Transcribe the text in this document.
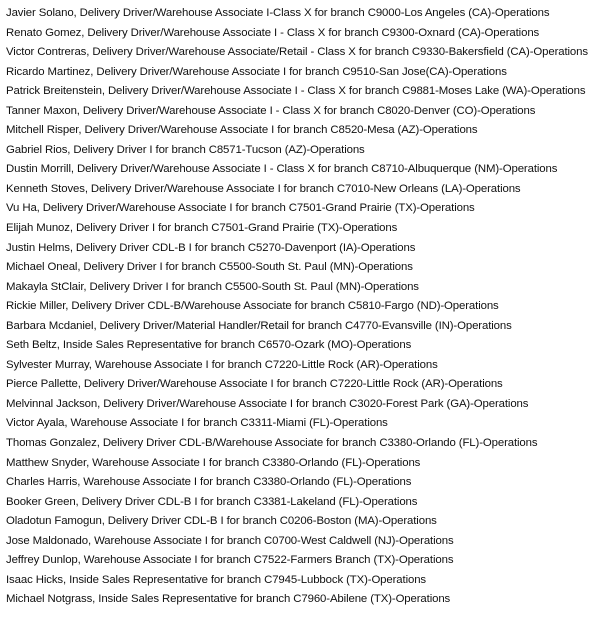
Javier Solano, Delivery Driver/Warehouse Associate I-Class X for branch C9000-Los Angeles (CA)-Operations
Renato Gomez, Delivery Driver/Warehouse Associate I - Class X for branch C9300-Oxnard (CA)-Operations
Victor Contreras, Delivery Driver/Warehouse Associate/Retail - Class X for branch C9330-Bakersfield (CA)-Operations
Ricardo Martinez, Delivery Driver/Warehouse Associate I for branch C9510-San Jose(CA)-Operations
Patrick Breitenstein, Delivery Driver/Warehouse Associate I - Class X for branch C9881-Moses Lake (WA)-Operations
Tanner Maxon, Delivery Driver/Warehouse Associate I - Class X for branch C8020-Denver (CO)-Operations
Mitchell Risper, Delivery Driver/Warehouse Associate I for branch C8520-Mesa (AZ)-Operations
Gabriel Rios, Delivery Driver I for branch C8571-Tucson (AZ)-Operations
Dustin Morrill, Delivery Driver/Warehouse Associate I - Class X for branch C8710-Albuquerque (NM)-Operations
Kenneth Stoves, Delivery Driver/Warehouse Associate I for branch C7010-New Orleans (LA)-Operations
Vu Ha, Delivery Driver/Warehouse Associate I for branch C7501-Grand Prairie (TX)-Operations
Elijah Munoz, Delivery Driver I for branch C7501-Grand Prairie (TX)-Operations
Justin Helms, Delivery Driver CDL-B I for branch C5270-Davenport (IA)-Operations
Michael Oneal, Delivery Driver I for branch C5500-South St. Paul (MN)-Operations
Makayla StClair, Delivery Driver I for branch C5500-South St. Paul (MN)-Operations
Rickie Miller, Delivery Driver CDL-B/Warehouse Associate for branch C5810-Fargo (ND)-Operations
Barbara Mcdaniel, Delivery Driver/Material Handler/Retail for branch C4770-Evansville (IN)-Operations
Seth Beltz, Inside Sales Representative for branch C6570-Ozark (MO)-Operations
Sylvester Murray, Warehouse Associate I for branch C7220-Little Rock (AR)-Operations
Pierce Pallette, Delivery Driver/Warehouse Associate I for branch C7220-Little Rock (AR)-Operations
Melvinnal Jackson, Delivery Driver/Warehouse Associate I for branch C3020-Forest Park (GA)-Operations
Victor Ayala, Warehouse Associate I for branch C3311-Miami (FL)-Operations
Thomas Gonzalez, Delivery Driver CDL-B/Warehouse Associate for branch C3380-Orlando (FL)-Operations
Matthew Snyder, Warehouse Associate I for branch C3380-Orlando (FL)-Operations
Charles Harris, Warehouse Associate I for branch C3380-Orlando (FL)-Operations
Booker Green, Delivery Driver CDL-B I for branch C3381-Lakeland (FL)-Operations
Oladotun Famogun, Delivery Driver CDL-B I for branch C0206-Boston (MA)-Operations
Jose Maldonado, Warehouse Associate I for branch C0700-West Caldwell (NJ)-Operations
Jeffrey Dunlop, Warehouse Associate I for branch C7522-Farmers Branch (TX)-Operations
Isaac Hicks, Inside Sales Representative for branch C7945-Lubbock (TX)-Operations
Michael Notgrass, Inside Sales Representative for branch C7960-Abilene (TX)-Operations
